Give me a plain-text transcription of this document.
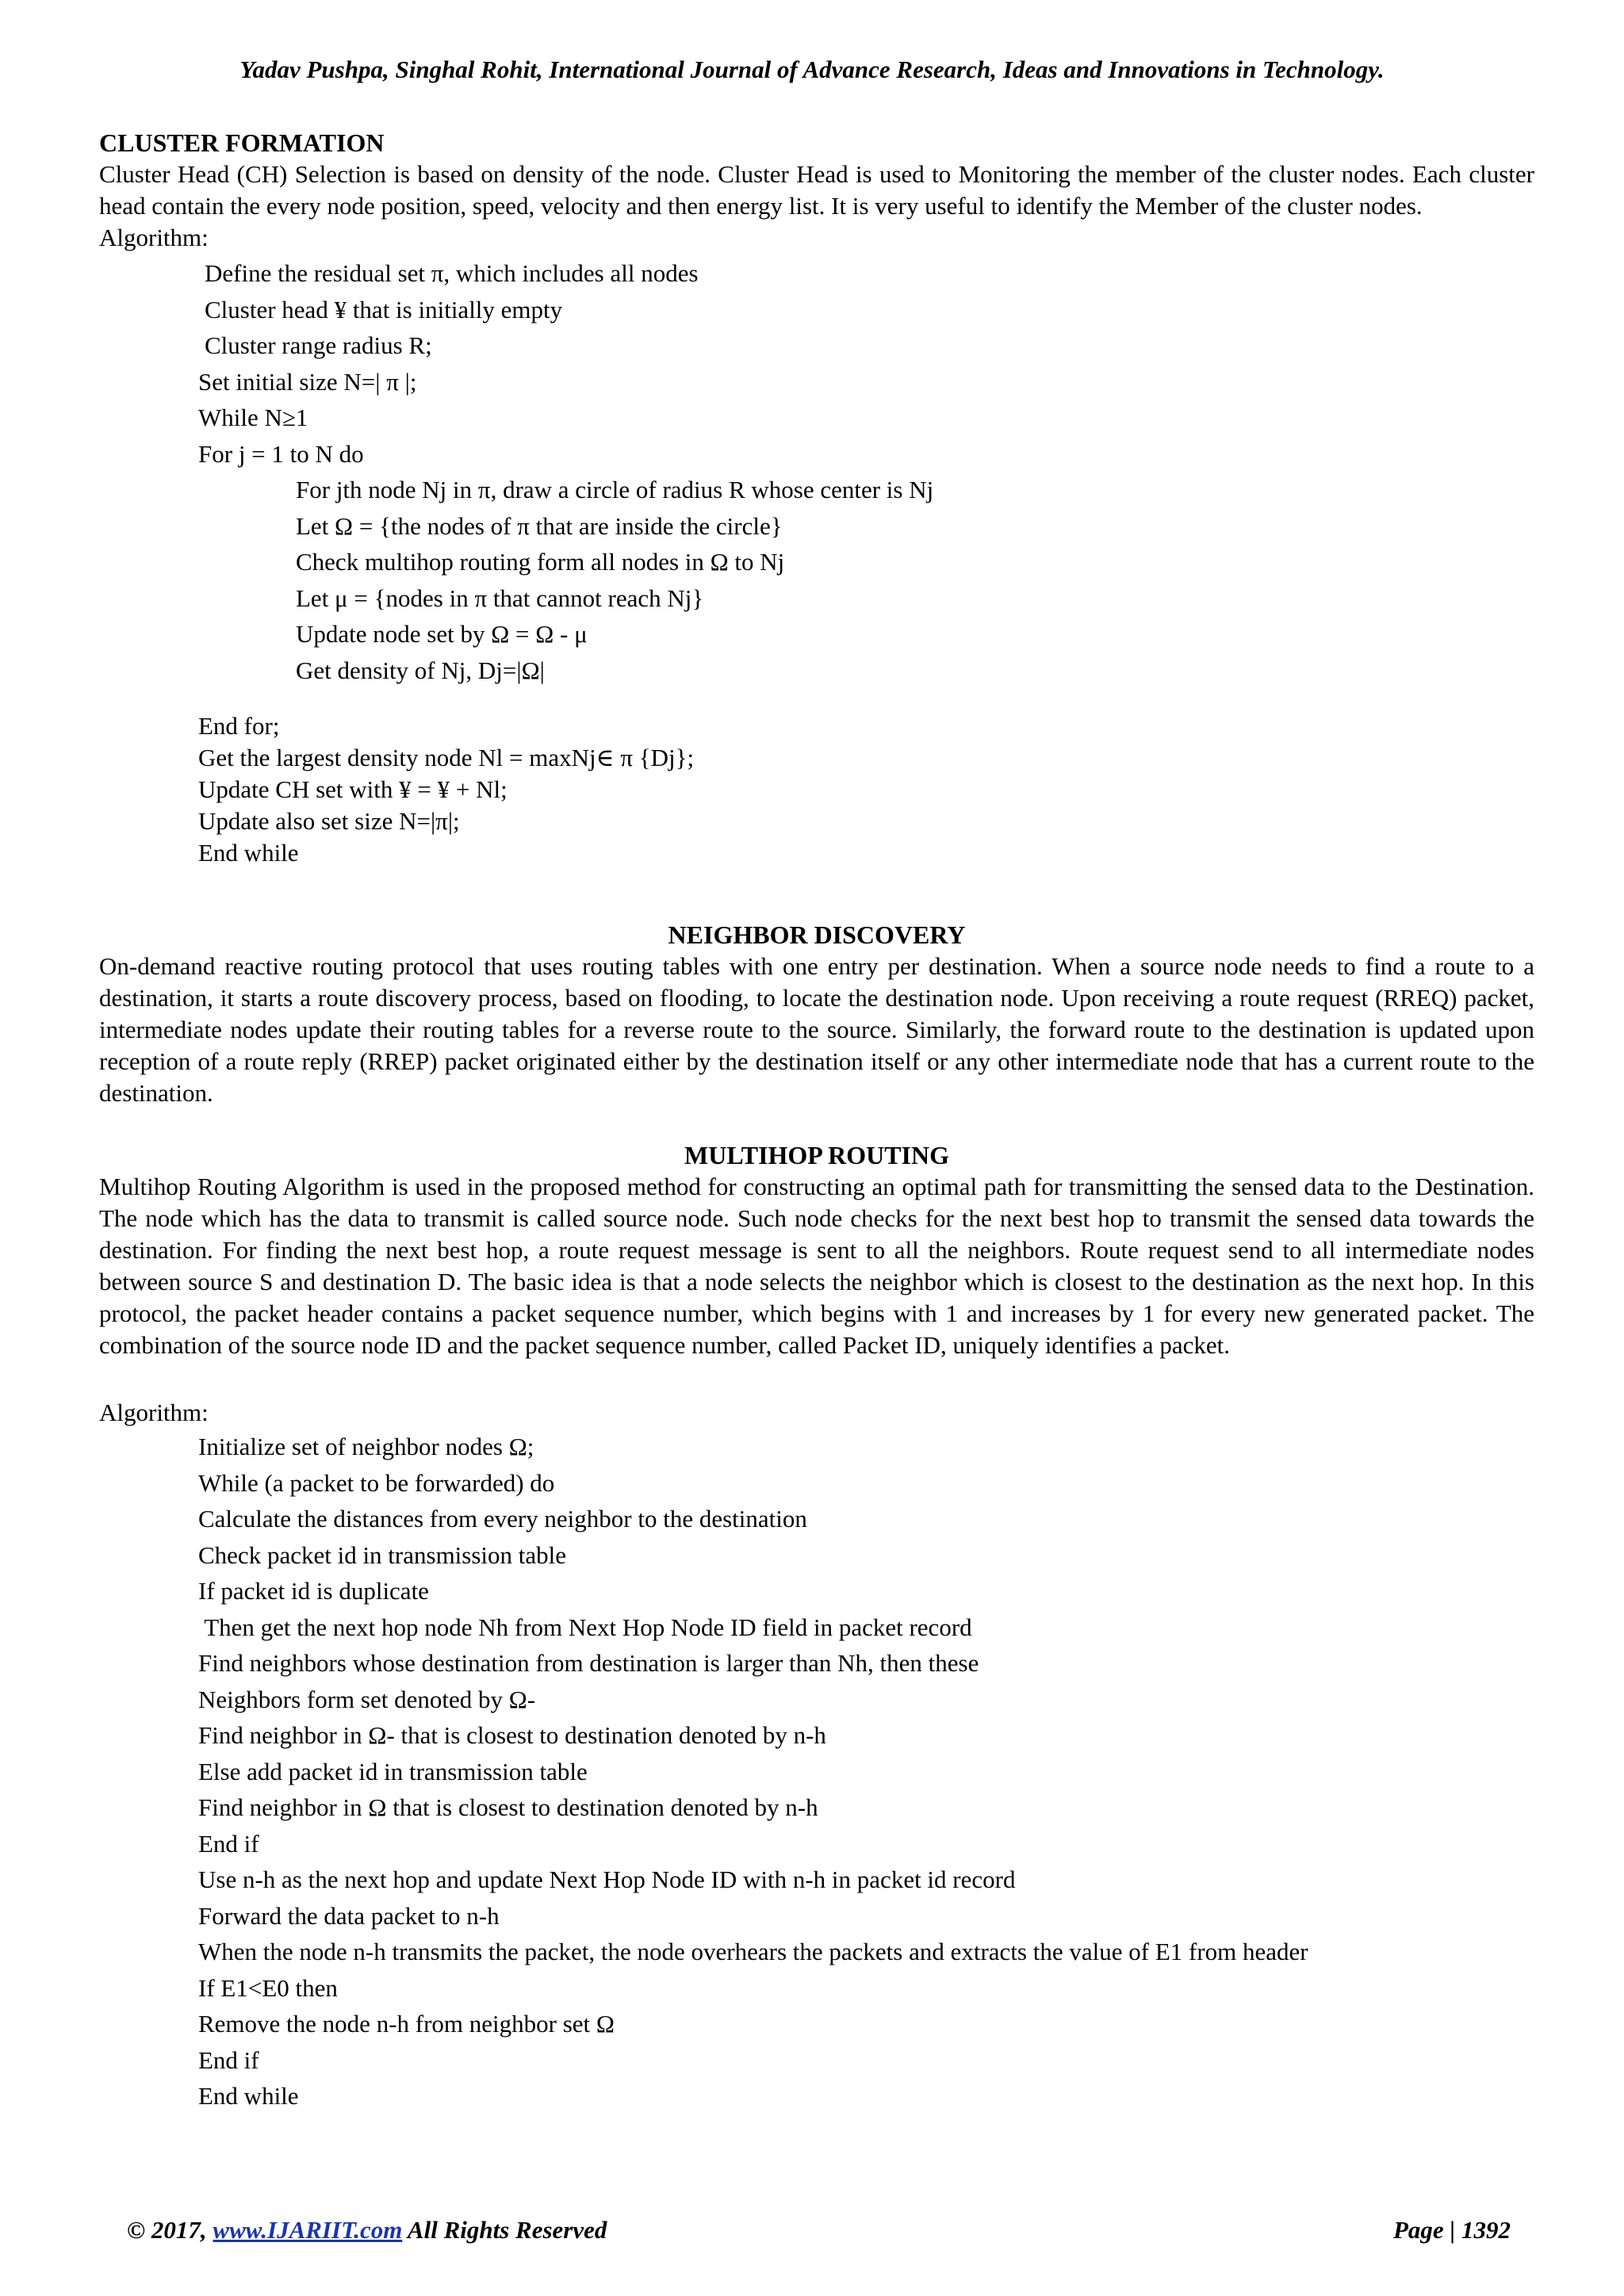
Yadav Pushpa, Singhal Rohit, International Journal of Advance Research, Ideas and Innovations in Technology.
CLUSTER FORMATION

Cluster Head (CH) Selection is based on density of the node. Cluster Head is used to Monitoring the member of the cluster nodes. Each cluster head contain the every node position, speed, velocity and then energy list. It is very useful to identify the Member of the cluster nodes.

Algorithm:
Define the residual set π, which includes all nodes
Cluster head ¥ that is initially empty
Cluster range radius R;
Set initial size N=| π |;
While N≥1
For j = 1 to N do
For jth node Nj in π, draw a circle of radius R whose center is Nj
Let Ω = {the nodes of π that are inside the circle}
Check multihop routing form all nodes in Ω to Nj
Let μ = {nodes in π that cannot reach Nj}
Update node set by Ω = Ω - μ
Get density of Nj, Dj=|Ω|
End for;
Get the largest density node Nl = maxNj∈ π {Dj};
Update CH set with ¥ = ¥ + Nl;
Update also set size N=|π|;
End while
NEIGHBOR DISCOVERY

On-demand reactive routing protocol that uses routing tables with one entry per destination. When a source node needs to find a route to a destination, it starts a route discovery process, based on flooding, to locate the destination node. Upon receiving a route request (RREQ) packet, intermediate nodes update their routing tables for a reverse route to the source. Similarly, the forward route to the destination is updated upon reception of a route reply (RREP) packet originated either by the destination itself or any other intermediate node that has a current route to the destination.

MULTIHOP ROUTING

Multihop Routing Algorithm is used in the proposed method for constructing an optimal path for transmitting the sensed data to the Destination. The node which has the data to transmit is called source node. Such node checks for the next best hop to transmit the sensed data towards the destination. For finding the next best hop, a route request message is sent to all the neighbors. Route request send to all intermediate nodes between source S and destination D. The basic idea is that a node selects the neighbor which is closest to the destination as the next hop. In this protocol, the packet header contains a packet sequence number, which begins with 1 and increases by 1 for every new generated packet. The combination of the source node ID and the packet sequence number, called Packet ID, uniquely identifies a packet.

Algorithm:
Initialize set of neighbor nodes Ω;
While (a packet to be forwarded) do
Calculate the distances from every neighbor to the destination
Check packet id in transmission table
If packet id is duplicate
Then get the next hop node Nh from Next Hop Node ID field in packet record
Find neighbors whose destination from destination is larger than Nh, then these
Neighbors form set denoted by Ω-
Find neighbor in Ω- that is closest to destination denoted by n-h
Else add packet id in transmission table
Find neighbor in Ω that is closest to destination denoted by n-h
End if
Use n-h as the next hop and update Next Hop Node ID with n-h in packet id record
Forward the data packet to n-h
When the node n-h transmits the packet, the node overhears the packets and extracts the value of E1 from header
If E1<E0 then
Remove the node n-h from neighbor set Ω
End if
End while
© 2017, www.IJARIIT.com All Rights Reserved	Page | 1392
